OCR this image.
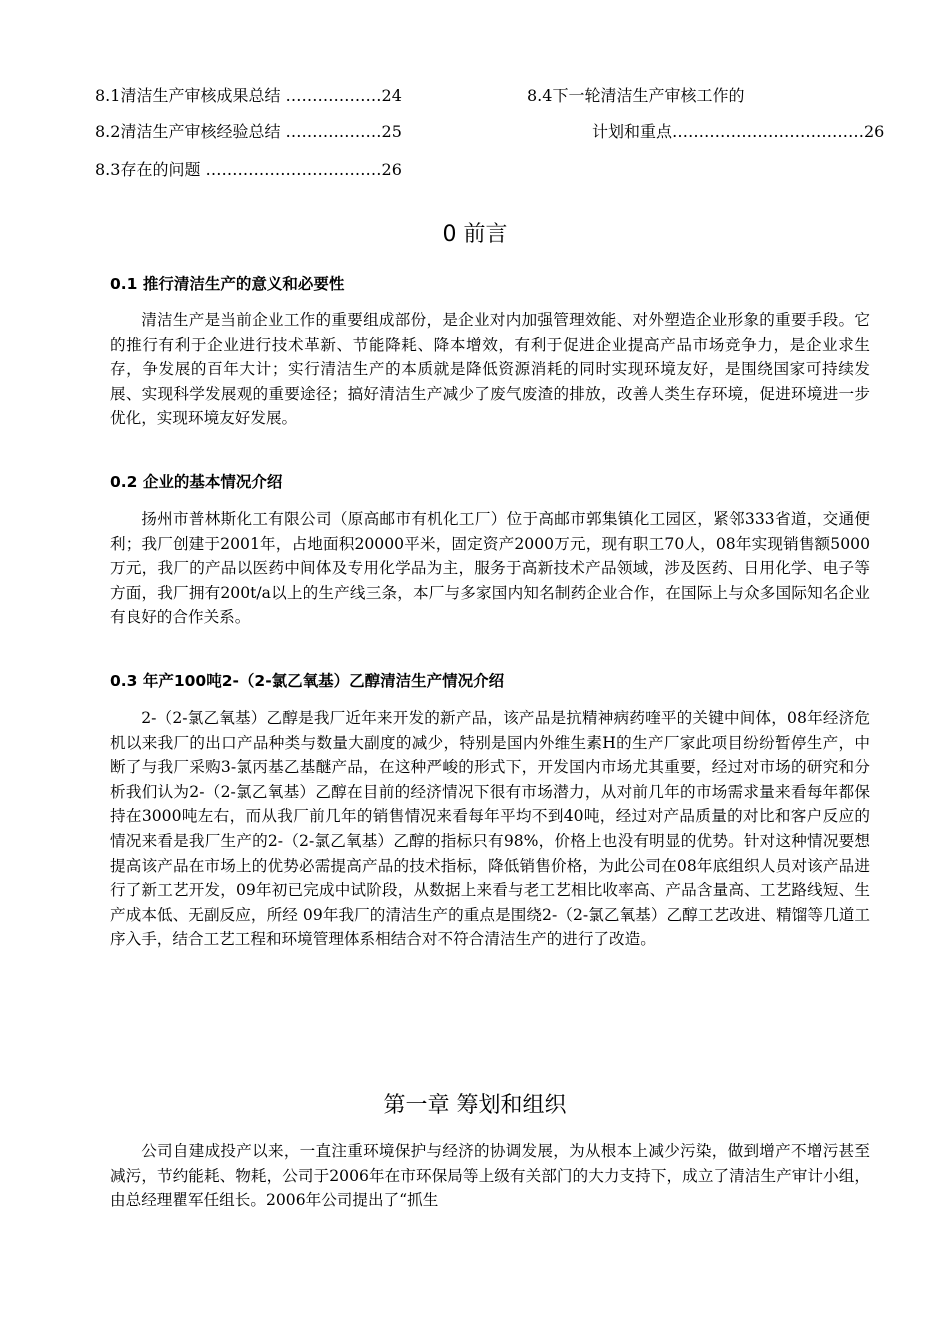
8.1清洁生产审核成果总结 ………………24
8.2清洁生产审核经验总结 ………………25
8.3存在的问题 ……………………………26
8.4下一轮清洁生产审核工作的
计划和重点………………………………26
0 前言
0.1 推行清洁生产的意义和必要性

清洁生产是当前企业工作的重要组成部份，是企业对内加强管理效能、对外塑造企业形象的重要手段。它的推行有利于企业进行技术革新、节能降耗、降本增效，有利于促进企业提高产品市场竞争力，是企业求生存，争发展的百年大计；实行清洁生产的本质就是降低资源消耗的同时实现环境友好，是围绕国家可持续发展、实现科学发展观的重要途径；搞好清洁生产减少了废气废渣的排放，改善人类生存环境，促进环境进一步优化，实现环境友好发展。

0.2 企业的基本情况介绍

扬州市普林斯化工有限公司（原高邮市有机化工厂）位于高邮市郭集镇化工园区，紧邻333省道，交通便利；我厂创建于2001年，占地面积20000平米，固定资产2000万元，现有职工70人，08年实现销售额5000万元，我厂的产品以医药中间体及专用化学品为主，服务于高新技术产品领域，涉及医药、日用化学、电子等方面，我厂拥有200t/a以上的生产线三条，本厂与多家国内知名制药企业合作，在国际上与众多国际知名企业有良好的合作关系。

0.3 年产100吨2-（2-氯乙氧基）乙醇清洁生产情况介绍

2-（2-氯乙氧基）乙醇是我厂近年来开发的新产品，该产品是抗精神病药喹平的关键中间体，08年经济危机以来我厂的出口产品种类与数量大副度的减少，特别是国内外维生素H的生产厂家此项目纷纷暂停生产，中断了与我厂采购3-氯丙基乙基醚产品，在这种严峻的形式下，开发国内市场尤其重要，经过对市场的研究和分析我们认为2-（2-氯乙氧基）乙醇在目前的经济情况下很有市场潜力，从对前几年的市场需求量来看每年都保持在3000吨左右，而从我厂前几年的销售情况来看每年平均不到40吨，经过对产品质量的对比和客户反应的情况来看是我厂生产的2-（2-氯乙氧基）乙醇的指标只有98%，价格上也没有明显的优势。针对这种情况要想提高该产品在市场上的优势必需提高产品的技术指标，降低销售价格，为此公司在08年底组织人员对该产品进行了新工艺开发，09年初已完成中试阶段，从数据上来看与老工艺相比收率高、产品含量高、工艺路线短、生产成本低、无副反应，所经 09年我厂的清洁生产的重点是围绕2-（2-氯乙氧基）乙醇工艺改进、精馏等几道工序入手，结合工艺工程和环境管理体系相结合对不符合清洁生产的进行了改造。

第一章 筹划和组织

公司自建成投产以来，一直注重环境保护与经济的协调发展，为从根本上减少污染，做到增产不增污甚至减污，节约能耗、物耗，公司于2006年在市环保局等上级有关部门的大力支持下，成立了清洁生产审计小组，由总经理瞿军任组长。2006年公司提出了“抓生
